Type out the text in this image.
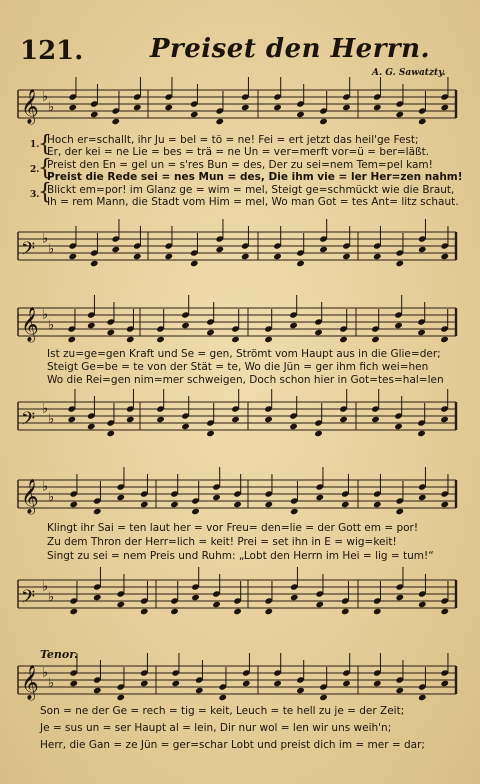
121.	Preiset den Herrn.
A. G. Sawatzty.
𝄞 ♭
♭
1.
2.
3.
{
{
{
Hoch er=schallt, ihr Ju = bel = tö = ne! Fei = ert jetzt das heil'ge Fest;
Er, der kei = ne Lie = bes = trä = ne Un = ver=merft vor=ü = ber=läßt.
Preist den En = gel un = s'res Bun = des, Der zu sei=nem Tem=pel kam!
Preist die Rede sei = nes Mun = des, Die ihm vie = ler Her=zen nahm!
Blickt em=por! im Glanz ge = wim = mel, Steigt ge=schmückt wie die Braut,
Ih = rem Mann, die Stadt vom Him = mel, Wo man Got = tes Ant= litz schaut.
𝄢 ♭
♭
𝄞 ♭
♭
Ist zu=ge=gen Kraft und Se = gen, Strömt vom Haupt aus in die Glie=der;
Steigt Ge=be = te von der Stät = te, Wo die Jün = ger ihm fich wei=hen
Wo die Rei=gen nim=mer schweigen, Doch schon hier in Got=tes=hal=len
𝄢 ♭
♭
𝄞 ♭
♭
Klingt ihr Sai = ten laut her = vor Freu= den=lie = der Gott em = por!
Zu dem Thron der Herr=lich = keit! Prei = set ihn in E = wig=keit!
Singt zu sei = nem Preis und Ruhm: „Lobt den Herrn im Hei = lig = tum!“
𝄢 ♭
♭
Tenor.
𝄞 ♭
♭
Son = ne der Ge = rech = tig = keit, Leuch = te hell zu je = der Zeit;
Je = sus un = ser Haupt al = lein, Dir nur wol = len wir uns weih'n;
Herr, die Gan = ze Jün = ger=schar Lobt und preist dich im = mer = dar;
